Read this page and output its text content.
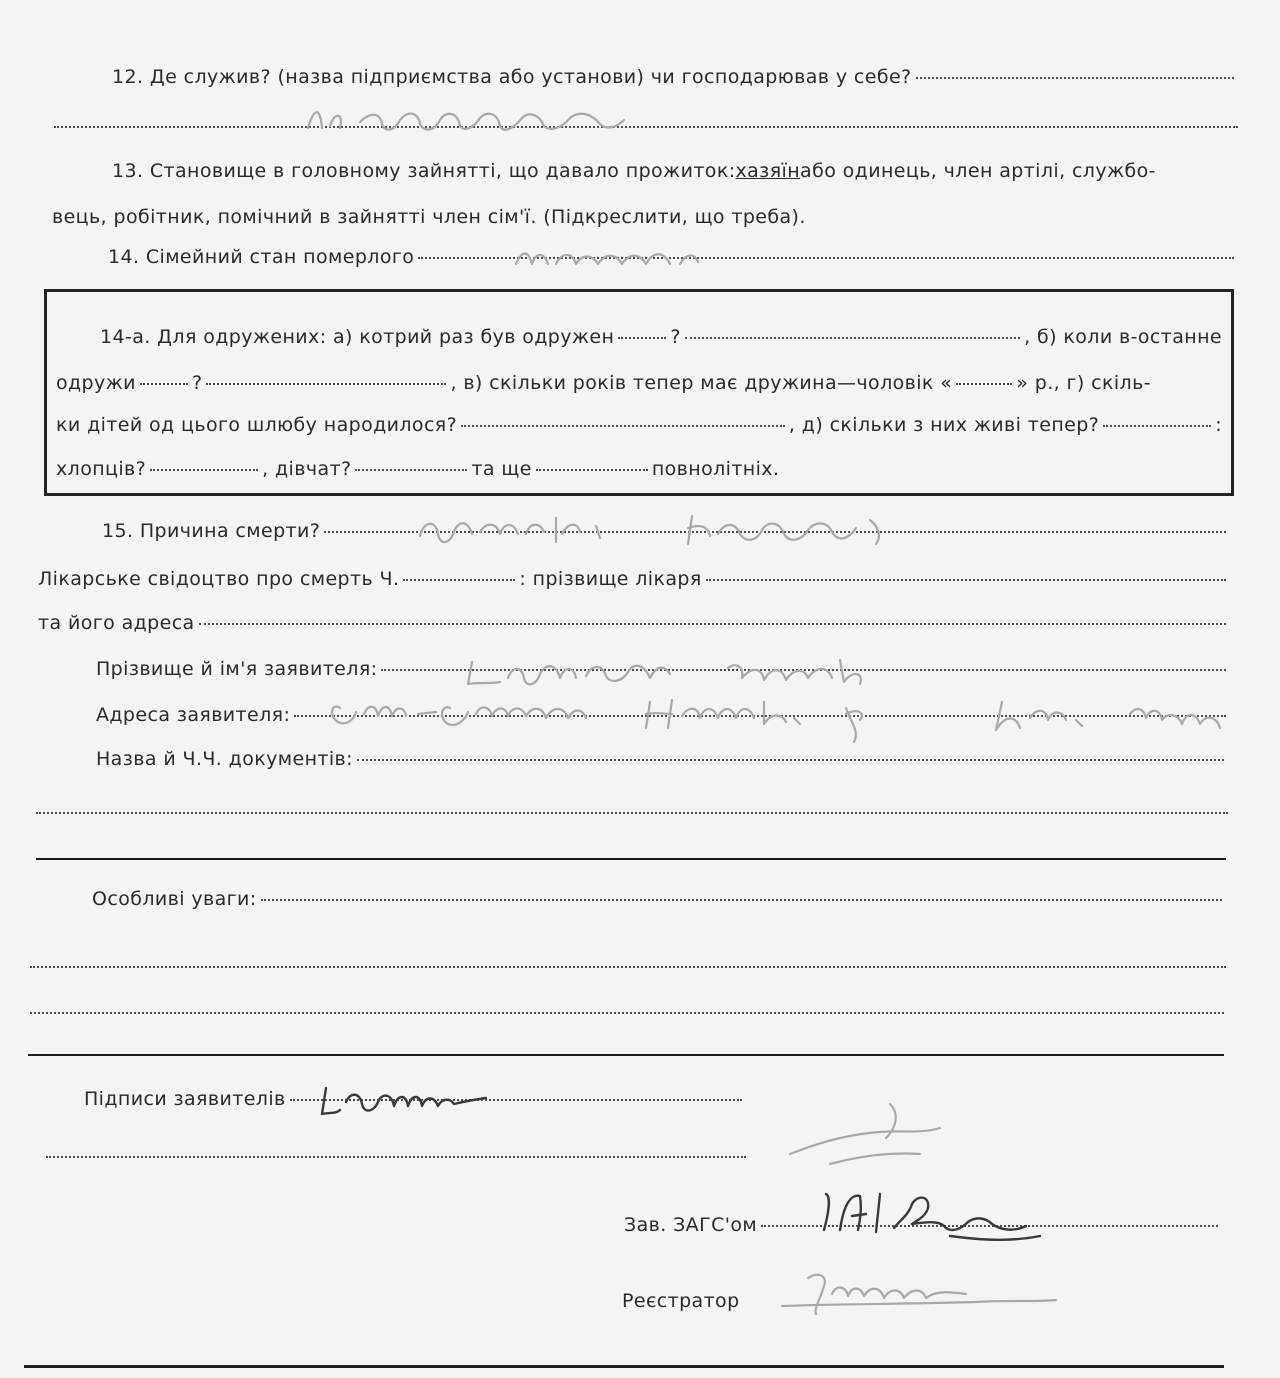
12. Де служив? (назва підприємства або установи) чи господарював у себе?
13. Становище в головному зайнятті, що давало прожиток: хазяїн або одинець, член артілі, службо-
вець, робітник, помічний в зайнятті член сім'ї. (Підкреслити, що треба).
14. Сімейний стан померлого
14-а. Для одружених: а) котрий раз був одружен	?	, б) коли в-останне
одружи	?	, в) скільки років тепер має дружина—чоловік «	» р., г) скіль-
ки дітей од цього шлюбу народилося?	, д) скільки з них живі тепер?	:
хлопців?	, дівчат?	та ще	повнолітніх.
15. Причина смерти?
Лікарське свідоцтво про смерть Ч.	: прізвище лікаря
та його адреса
Прізвище й ім'я заявителя:
Адреса заявителя:
Назва й Ч.Ч. документів:
Особливі уваги:
Підписи заявителів
Зав. ЗАГС'ом
Реєстратор
